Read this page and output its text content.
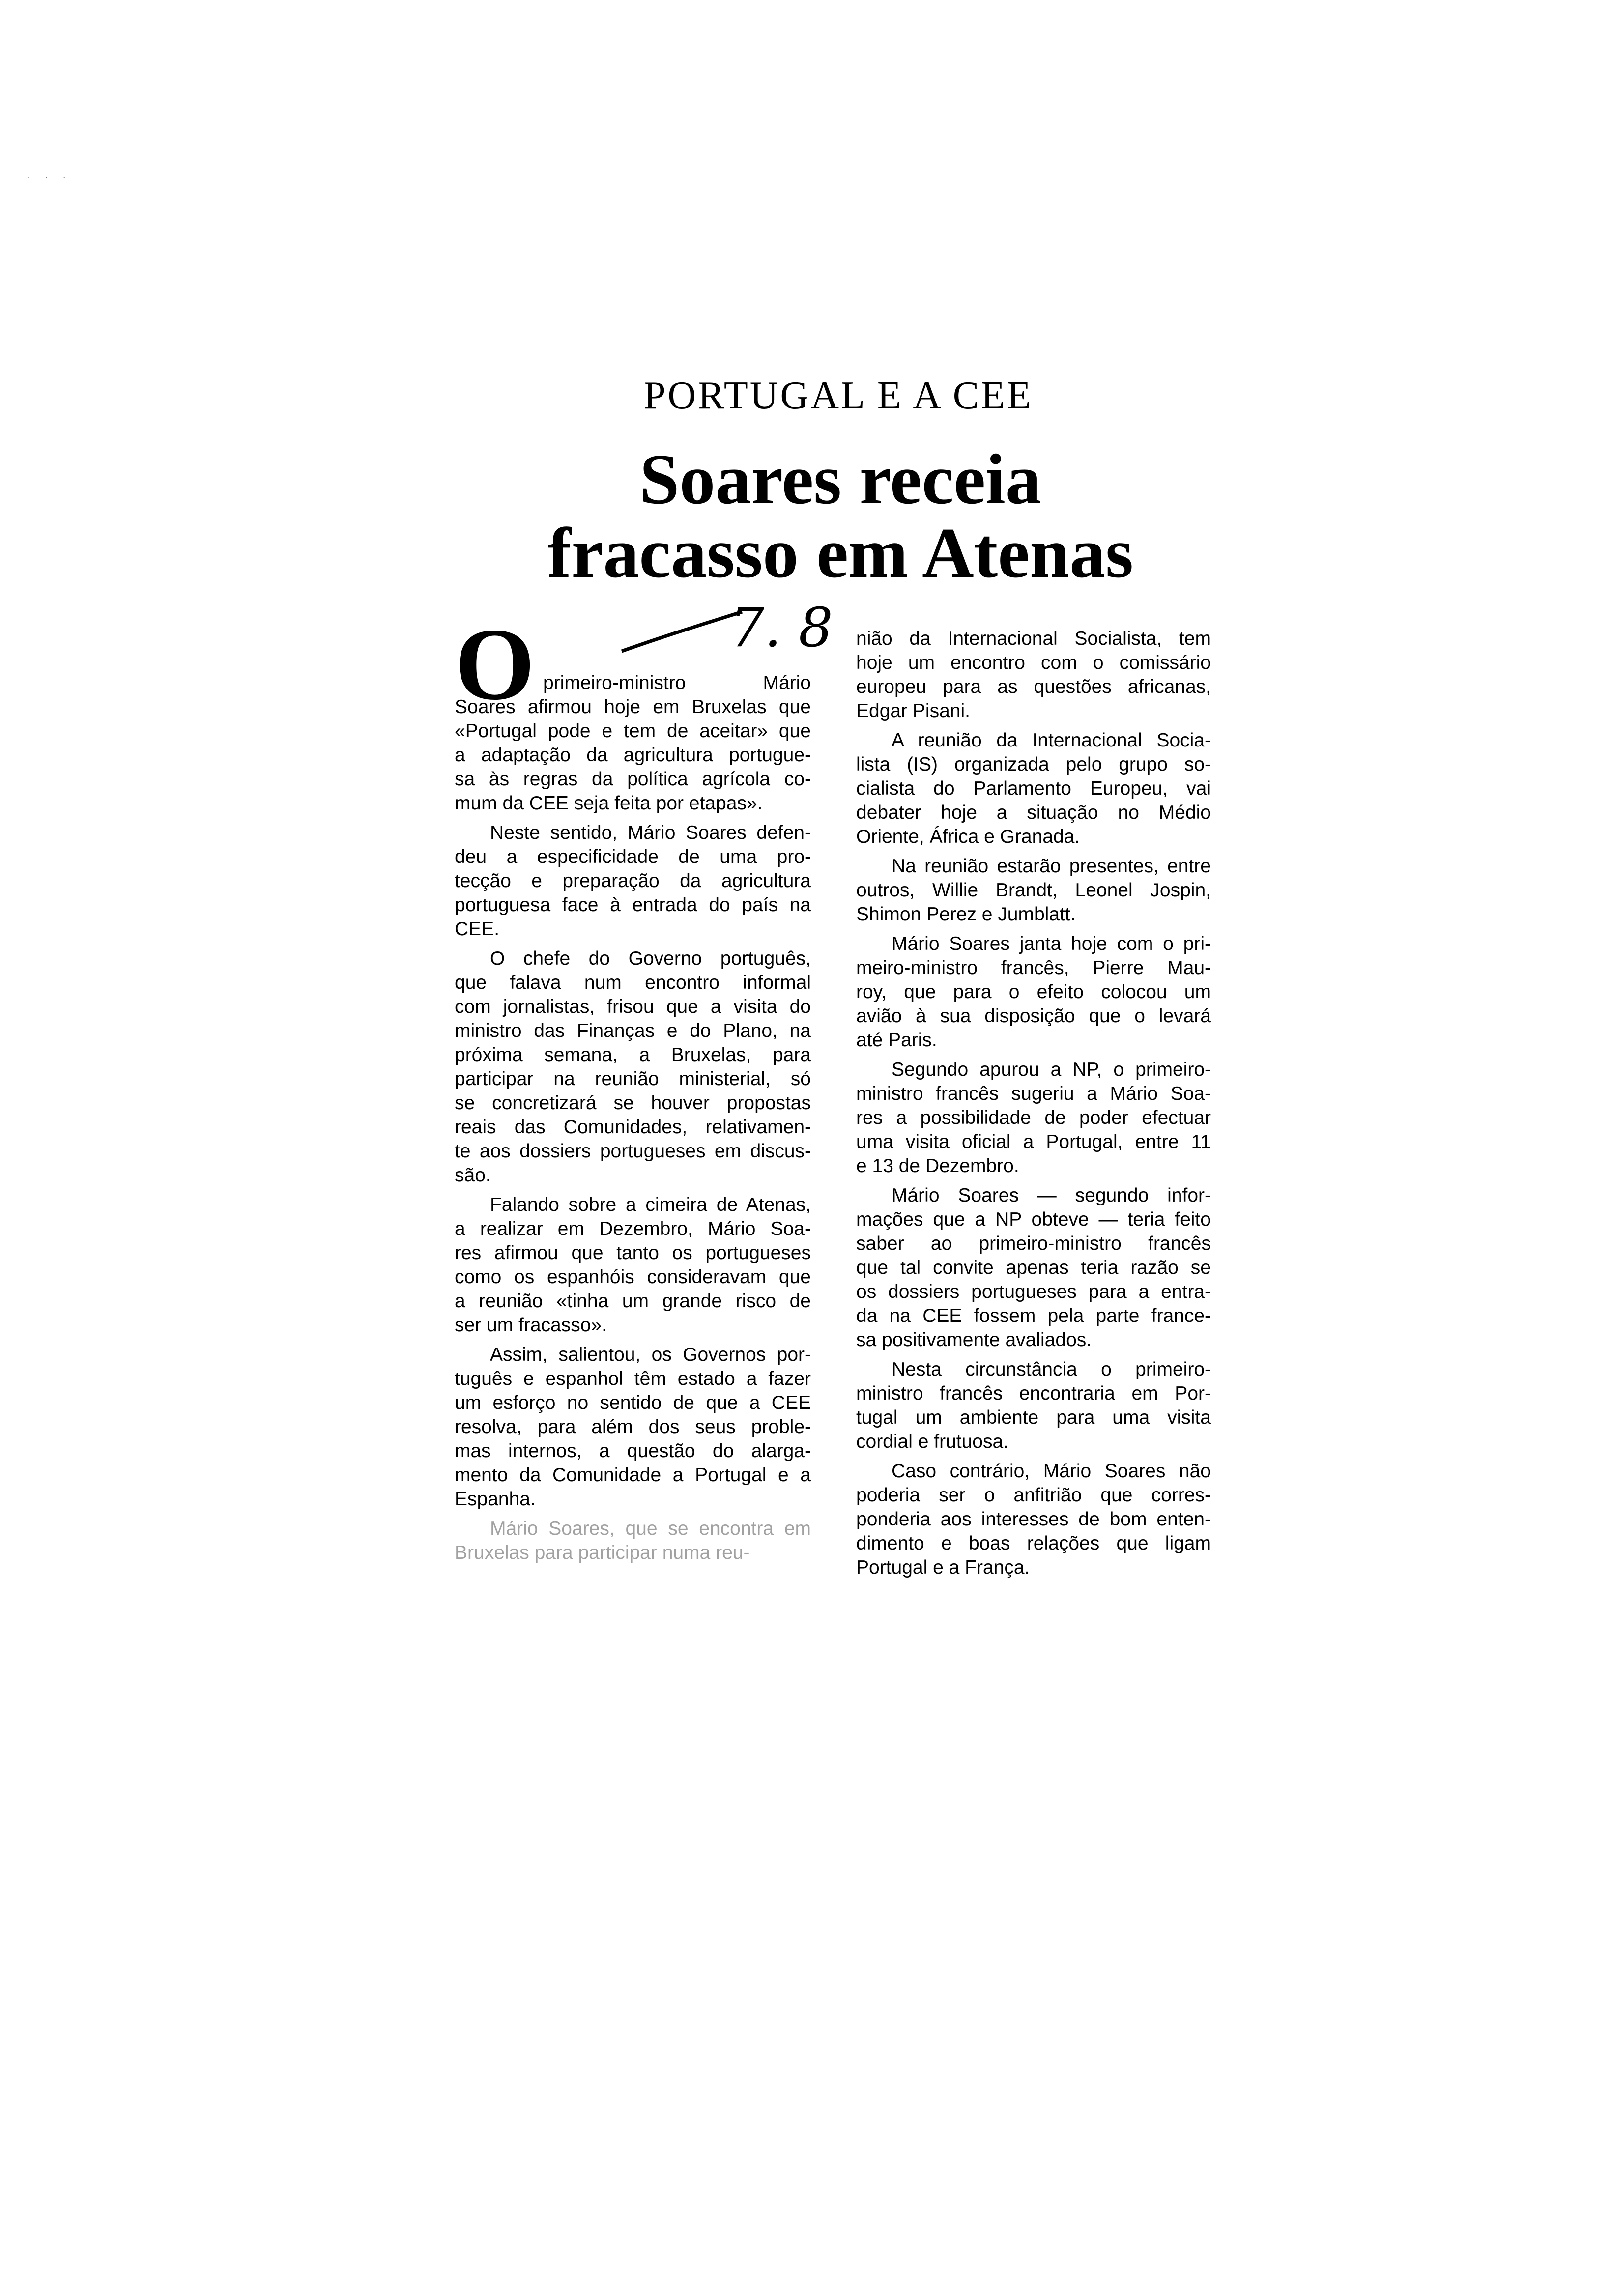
· · ·
PORTUGAL E A CEE
Soares receia
fracasso em Atenas
7. 8
O primeiro-ministro Mário
Soares afirmou hoje em Bruxelas que
«Portugal pode e tem de aceitar» que
a adaptação da agricultura portugue-
sa às regras da política agrícola co-
mum da CEE seja feita por etapas».
Neste sentido, Mário Soares defen-
deu a especificidade de uma pro-
tecção e preparação da agricultura
portuguesa face à entrada do país na
CEE.
O chefe do Governo português,
que falava num encontro informal
com jornalistas, frisou que a visita do
ministro das Finanças e do Plano, na
próxima semana, a Bruxelas, para
participar na reunião ministerial, só
se concretizará se houver propostas
reais das Comunidades, relativamen-
te aos dossiers portugueses em discus-
são.
Falando sobre a cimeira de Atenas,
a realizar em Dezembro, Mário Soa-
res afirmou que tanto os portugueses
como os espanhóis consideravam que
a reunião «tinha um grande risco de
ser um fracasso».
Assim, salientou, os Governos por-
tuguês e espanhol têm estado a fazer
um esforço no sentido de que a CEE
resolva, para além dos seus proble-
mas internos, a questão do alarga-
mento da Comunidade a Portugal e a
Espanha.
Mário Soares, que se encontra em
Bruxelas para participar numa reu-
nião da Internacional Socialista, tem
hoje um encontro com o comissário
europeu para as questões africanas,
Edgar Pisani.
A reunião da Internacional Socia-
lista (IS) organizada pelo grupo so-
cialista do Parlamento Europeu, vai
debater hoje a situação no Médio
Oriente, África e Granada.
Na reunião estarão presentes, entre
outros, Willie Brandt, Leonel Jospin,
Shimon Perez e Jumblatt.
Mário Soares janta hoje com o pri-
meiro-ministro francês, Pierre Mau-
roy, que para o efeito colocou um
avião à sua disposição que o levará
até Paris.
Segundo apurou a NP, o primeiro-
ministro francês sugeriu a Mário Soa-
res a possibilidade de poder efectuar
uma visita oficial a Portugal, entre 11
e 13 de Dezembro.
Mário Soares — segundo infor-
mações que a NP obteve — teria feito
saber ao primeiro-ministro francês
que tal convite apenas teria razão se
os dossiers portugueses para a entra-
da na CEE fossem pela parte france-
sa positivamente avaliados.
Nesta circunstância o primeiro-
ministro francês encontraria em Por-
tugal um ambiente para uma visita
cordial e frutuosa.
Caso contrário, Mário Soares não
poderia ser o anfitrião que corres-
ponderia aos interesses de bom enten-
dimento e boas relações que ligam
Portugal e a França.
